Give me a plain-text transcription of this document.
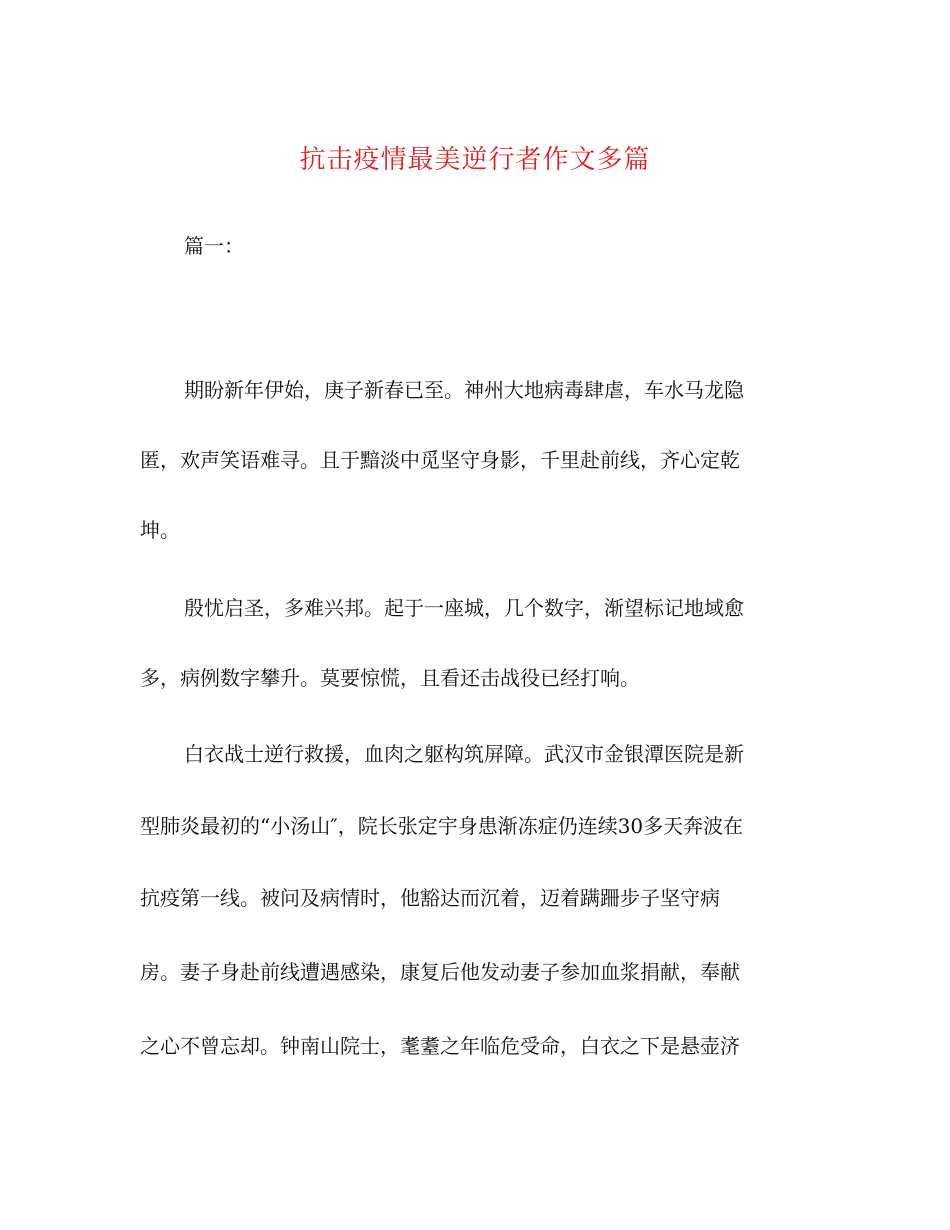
抗击疫情最美逆行者作文多篇
篇一：
期盼新年伊始，庚子新春已至。神州大地病毒肆虐，车水马龙隐
匿，欢声笑语难寻。且于黯淡中觅坚守身影，千里赴前线，齐心定乾
坤。
殷忧启圣，多难兴邦。起于一座城，几个数字，渐望标记地域愈
多，病例数字攀升。莫要惊慌，且看还击战役已经打响。
白衣战士逆行救援，血肉之躯构筑屏障。武汉市金银潭医院是新
型肺炎最初的“小汤山″，院长张定宇身患渐冻症仍连续30多天奔波在
抗疫第一线。被问及病情时，他豁达而沉着，迈着蹒跚步子坚守病
房。妻子身赴前线遭遇感染，康复后他发动妻子参加血浆捐献，奉献
之心不曾忘却。钟南山院士，耄耋之年临危受命，白衣之下是悬壶济
